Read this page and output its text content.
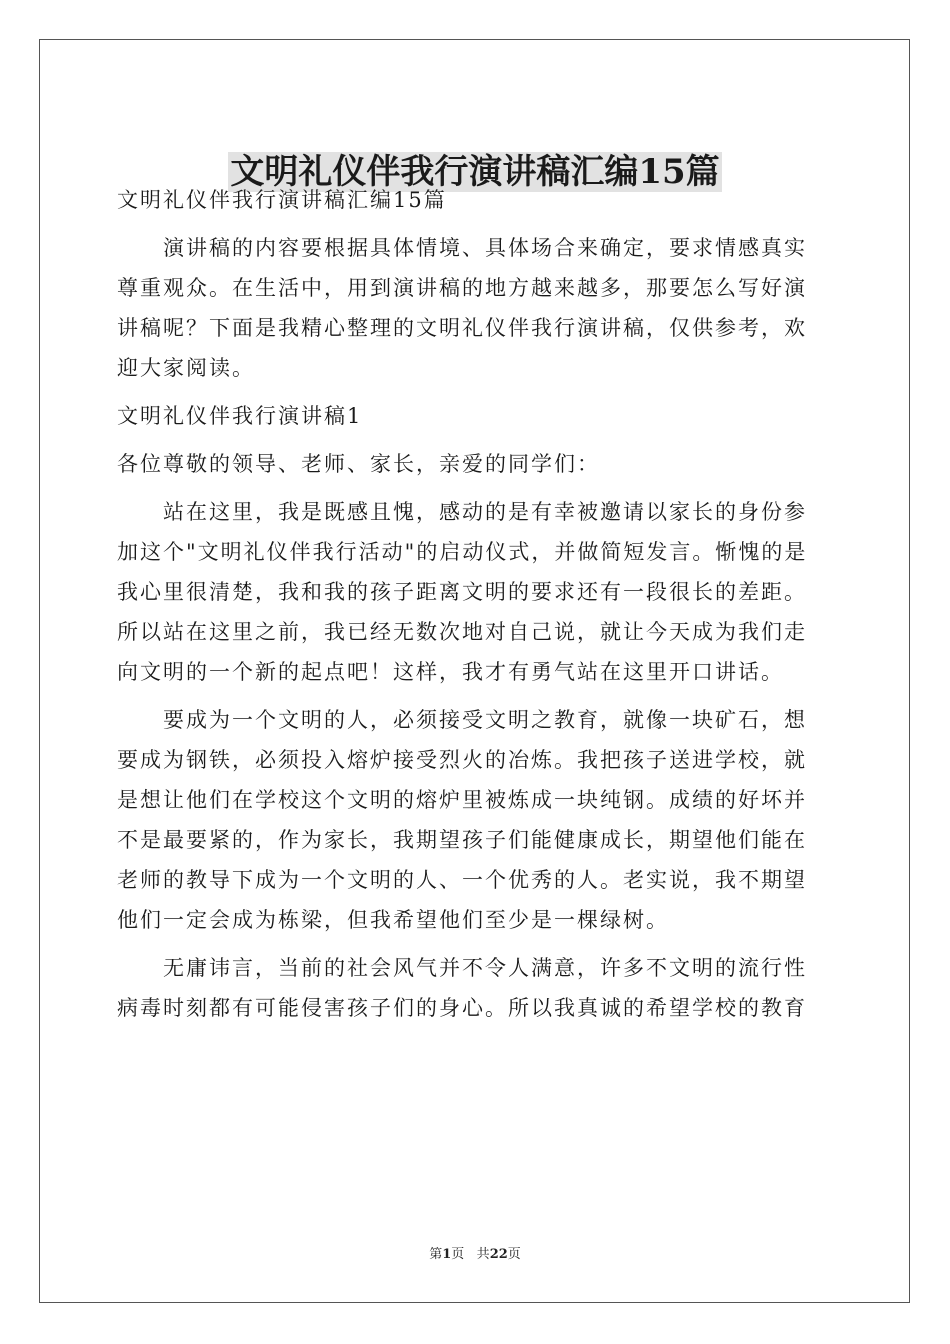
文明礼仪伴我行演讲稿汇编15篇

文明礼仪伴我行演讲稿汇编15篇

演讲稿的内容要根据具体情境、具体场合来确定，要求情感真实

尊重观众。在生活中，用到演讲稿的地方越来越多，那要怎么写好演

讲稿呢？下面是我精心整理的文明礼仪伴我行演讲稿，仅供参考，欢

迎大家阅读。

文明礼仪伴我行演讲稿1

各位尊敬的领导、老师、家长，亲爱的同学们：

站在这里，我是既感且愧，感动的是有幸被邀请以家长的身份参

加这个"文明礼仪伴我行活动"的启动仪式，并做简短发言。惭愧的是

我心里很清楚，我和我的孩子距离文明的要求还有一段很长的差距。

所以站在这里之前，我已经无数次地对自己说，就让今天成为我们走

向文明的一个新的起点吧！这样，我才有勇气站在这里开口讲话。

要成为一个文明的人，必须接受文明之教育，就像一块矿石，想

要成为钢铁，必须投入熔炉接受烈火的冶炼。我把孩子送进学校，就

是想让他们在学校这个文明的熔炉里被炼成一块纯钢。成绩的好坏并

不是最要紧的，作为家长，我期望孩子们能健康成长，期望他们能在

老师的教导下成为一个文明的人、一个优秀的人。老实说，我不期望

他们一定会成为栋梁，但我希望他们至少是一棵绿树。

无庸讳言，当前的社会风气并不令人满意，许多不文明的流行性

病毒时刻都有可能侵害孩子们的身心。所以我真诚的希望学校的教育

第1页 共22页
